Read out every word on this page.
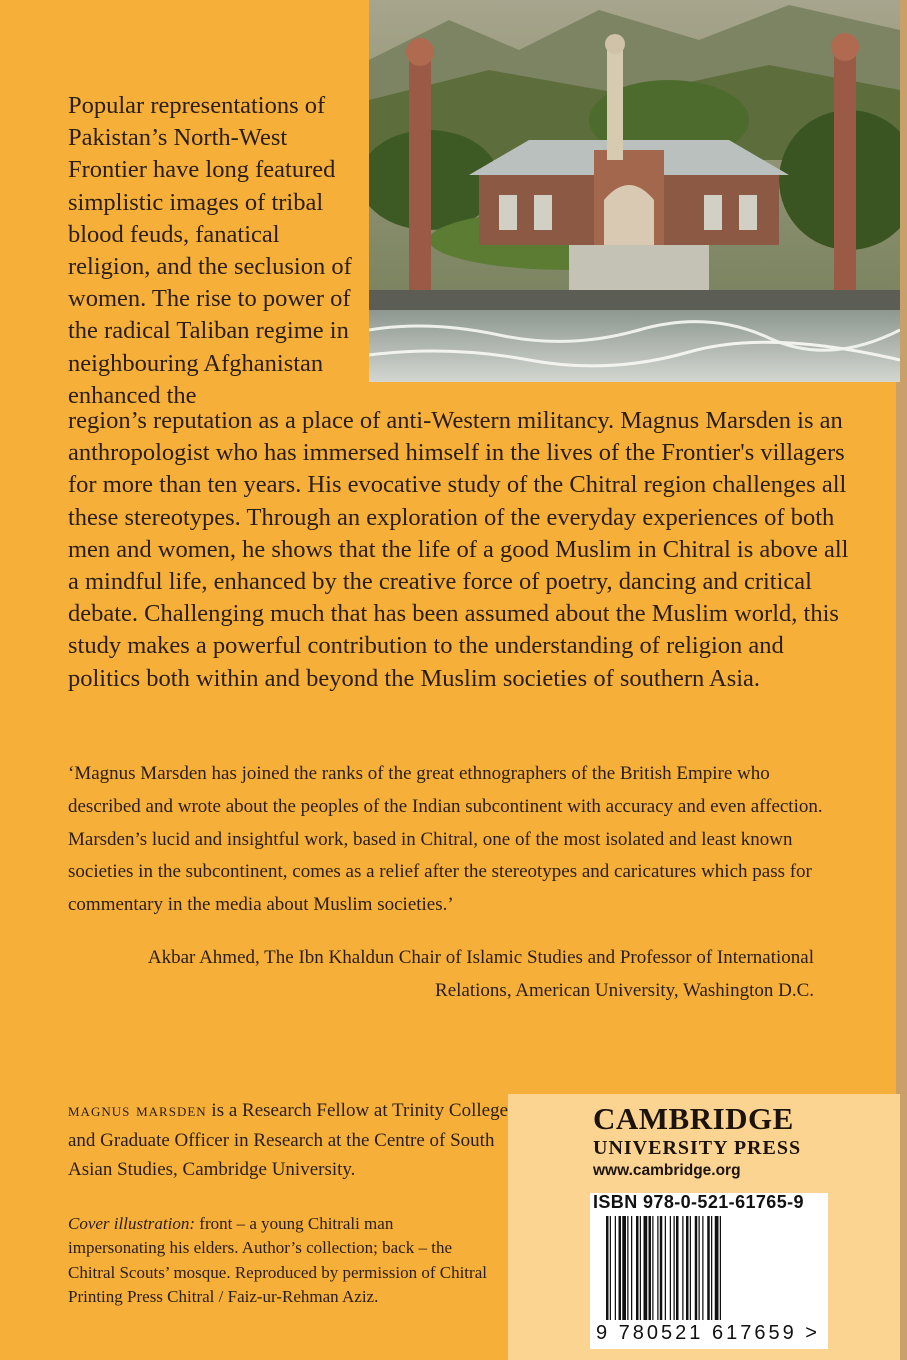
Popular representations of Pakistan’s North-West Frontier have long featured simplistic images of tribal blood feuds, fanatical religion, and the seclusion of women. The rise to power of the radical Taliban regime in neighbouring Afghanistan enhanced the
region’s reputation as a place of anti-Western militancy. Magnus Marsden is an anthropologist who has immersed himself in the lives of the Frontier's villagers for more than ten years. His evocative study of the Chitral region challenges all these stereotypes. Through an exploration of the everyday experiences of both men and women, he shows that the life of a good Muslim in Chitral is above all a mindful life, enhanced by the creative force of poetry, dancing and critical debate. Challenging much that has been assumed about the Muslim world, this study makes a powerful contribution to the understanding of religion and politics both within and beyond the Muslim societies of southern Asia.
‘Magnus Marsden has joined the ranks of the great ethnographers of the British Empire who described and wrote about the peoples of the Indian subcontinent with accuracy and even affection. Marsden’s lucid and insightful work, based in Chitral, one of the most isolated and least known societies in the subcontinent, comes as a relief after the stereotypes and caricatures which pass for commentary in the media about Muslim societies.’
Akbar Ahmed, The Ibn Khaldun Chair of Islamic Studies and Professor of International Relations, American University, Washington D.C.
magnus marsden is a Research Fellow at Trinity College and Graduate Officer in Research at the Centre of South Asian Studies, Cambridge University.
Cover illustration: front – a young Chitrali man impersonating his elders. Author’s collection; back – the Chitral Scouts’ mosque. Reproduced by permission of Chitral Printing Press Chitral / Faiz-ur-Rehman Aziz.
CAMBRIDGE
UNIVERSITY PRESS
www.cambridge.org
ISBN 978-0-521-61765-9
9 780521 617659 >
